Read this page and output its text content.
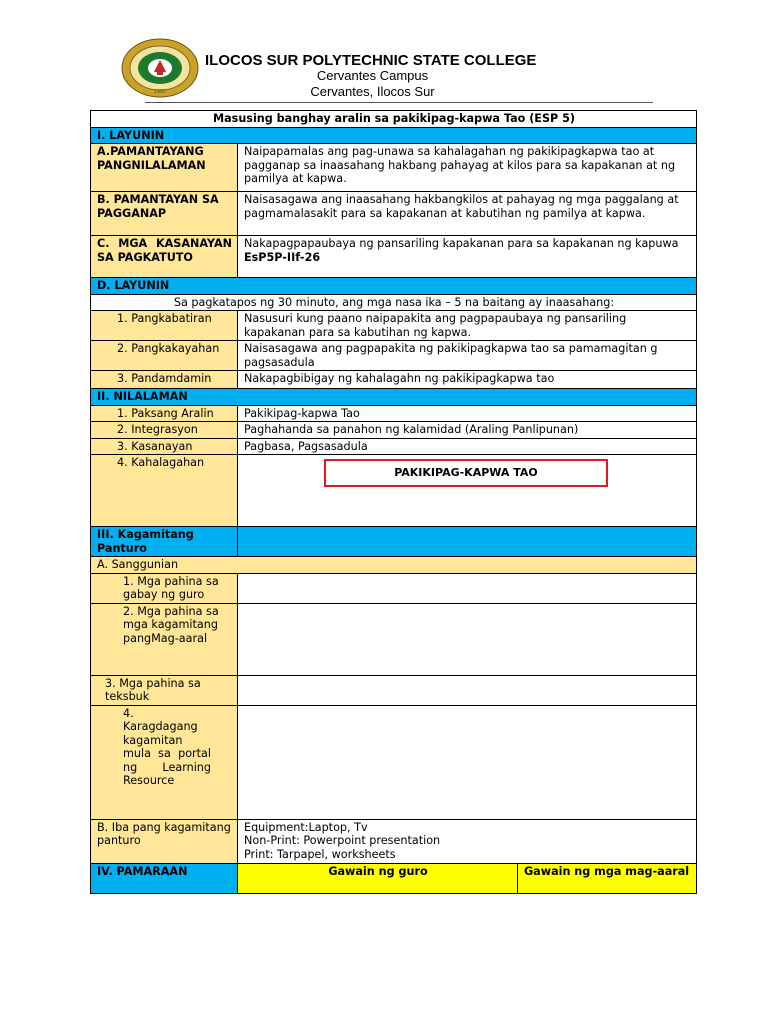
1980
ILOCOS SUR POLYTECHNIC STATE COLLEGE
Cervantes Campus
Cervantes, Ilocos Sur
Masusing banghay aralin sa pakikipag-kapwa Tao (ESP 5)		
I. LAYUNIN		
A.PAMANTAYANG PANGNILALAMAN	Naipapamalas ang pag-unawa sa kahalagahan ng pakikipagkapwa tao at pagganap sa inaasahang hakbang pahayag at kilos para sa kapakanan at ng pamilya at kapwa.	
B. PAMANTAYAN SA PAGGANAP	Naisasagawa ang inaasahang hakbangkilos at pahayag ng mga paggalang at pagmamalasakit para sa kapakanan at kabutihan ng pamilya at kapwa.	
C. MGA KASANAYAN SA PAGKATUTO	Nakapagpapaubaya ng pansariling kapakanan para sa kapakanan ng kapuwa EsP5P-IIf-26	
D. LAYUNIN		
Sa pagkatapos ng 30 minuto, ang mga nasa ika – 5 na baitang ay inaasahang:		
1. Pangkabatiran	Nasusuri kung paano naipapakita ang pagpapaubaya ng pansariling kapakanan para sa kabutihan ng kapwa.	
2. Pangkakayahan	Naisasagawa ang pagpapakita ng pakikipagkapwa tao sa pamamagitan g pagsasadula	
3. Pandamdamin	Nakapagbibigay ng kahalagahn ng pakikipagkapwa tao	
II. NILALAMAN		
1. Paksang Aralin	Pakikipag-kapwa Tao	
2. Integrasyon	Paghahanda sa panahon ng kalamidad (Araling Panlipunan)	
3. Kasanayan	Pagbasa, Pagsasadula	
4. Kahalagahan	PAKIKIPAG-KAPWA TAO	

III. Kagamitang Panturo		
A. Sanggunian		
1. Mga pahina sa gabay ng guro		
2. Mga pahina sa mga kagamitang pangMag-aaral		
3. Mga pahina sa teksbuk		
4. Karagdagang kagamitan mula sa portal ng Learning Resource		
B. Iba pang kagamitang panturo	Equipment:Laptop, Tv
Non-Print: Powerpoint presentation
Print: Tarpapel, worksheets	

IV. PAMARAAN	Gawain ng guro	Gawain ng mga mag-aaral
